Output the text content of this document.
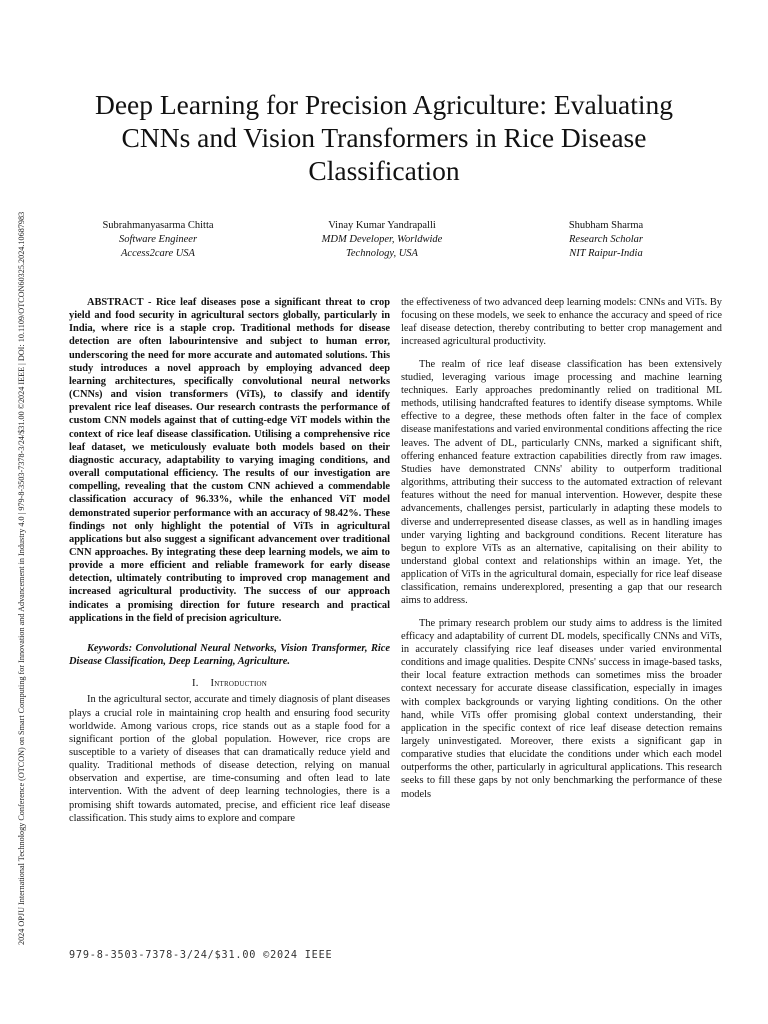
2024 OPJU International Technology Conference (OTCON) on Smart Computing for Innovation and Advancement in Industry 4.0 | 979-8-3503-7378-3/24/$31.00 ©2024 IEEE | DOI: 10.1109/OTCON60325.2024.10687983
Deep Learning for Precision Agriculture: Evaluating CNNs and Vision Transformers in Rice Disease Classification
Subrahmanyasarma Chitta
Software Engineer
Access2care USA
Vinay Kumar Yandrapalli
MDM Developer, Worldwide
Technology, USA
Shubham Sharma
Research Scholar
NIT Raipur-India

ABSTRACT - Rice leaf diseases pose a significant threat to crop yield and food security in agricultural sectors globally, particularly in India, where rice is a staple crop. Traditional methods for disease detection are often labourintensive and subject to human error, underscoring the need for more accurate and automated solutions. This study introduces a novel approach by employing advanced deep learning architectures, specifically convolutional neural networks (CNNs) and vision transformers (ViTs), to classify and identify prevalent rice leaf diseases. Our research contrasts the performance of custom CNN models against that of cutting-edge ViT models within the context of rice leaf disease classification. Utilising a comprehensive rice leaf dataset, we meticulously evaluate both models based on their diagnostic accuracy, adaptability to varying imaging conditions, and overall computational efficiency. The results of our investigation are compelling, revealing that the custom CNN achieved a commendable classification accuracy of 96.33%, while the enhanced ViT model demonstrated superior performance with an accuracy of 98.42%. These findings not only highlight the potential of ViTs in agricultural applications but also suggest a significant advancement over traditional CNN approaches. By integrating these deep learning models, we aim to provide a more efficient and reliable framework for early disease detection, ultimately contributing to improved crop management and increased agricultural productivity. The success of our approach indicates a promising direction for future research and practical applications in the field of precision agriculture.

Keywords: Convolutional Neural Networks, Vision Transformer, Rice Disease Classification, Deep Learning, Agriculture.

I. Introduction

In the agricultural sector, accurate and timely diagnosis of plant diseases plays a crucial role in maintaining crop health and ensuring food security worldwide. Among various crops, rice stands out as a staple food for a significant portion of the global population. However, rice crops are susceptible to a variety of diseases that can dramatically reduce yield and quality. Traditional methods of disease detection, relying on manual observation and expertise, are time-consuming and often lead to late intervention. With the advent of deep learning technologies, there is a promising shift towards automated, precise, and efficient rice leaf disease classification. This study aims to explore and compare

the effectiveness of two advanced deep learning models: CNNs and ViTs. By focusing on these models, we seek to enhance the accuracy and speed of rice leaf disease detection, thereby contributing to better crop management and increased agricultural productivity.

The realm of rice leaf disease classification has been extensively studied, leveraging various image processing and machine learning techniques. Early approaches predominantly relied on traditional ML methods, utilising handcrafted features to identify disease symptoms. While effective to a degree, these methods often falter in the face of complex disease manifestations and varied environmental conditions affecting the rice leaves. The advent of DL, particularly CNNs, marked a significant shift, offering enhanced feature extraction capabilities directly from raw images. Studies have demonstrated CNNs' ability to outperform traditional algorithms, attributing their success to the automated extraction of relevant features without the need for manual intervention. However, despite these advancements, challenges persist, particularly in adapting these models to diverse and underrepresented disease classes, as well as in handling images under varying lighting and background conditions. Recent literature has begun to explore ViTs as an alternative, capitalising on their ability to understand global context and relationships within an image. Yet, the application of ViTs in the agricultural domain, especially for rice leaf disease classification, remains underexplored, presenting a gap that our research aims to address.

The primary research problem our study aims to address is the limited efficacy and adaptability of current DL models, specifically CNNs and ViTs, in accurately classifying rice leaf diseases under varied environmental conditions and image qualities. Despite CNNs' success in image-based tasks, their local feature extraction methods can sometimes miss the broader context necessary for accurate disease classification, especially in images with complex backgrounds or varying lighting conditions. On the other hand, while ViTs offer promising global context understanding, their application in the specific context of rice leaf disease detection remains largely uninvestigated. Moreover, there exists a significant gap in comparative studies that elucidate the conditions under which each model outperforms the other, particularly in agricultural applications. This research seeks to fill these gaps by not only benchmarking the performance of these models

979-8-3503-7378-3/24/$31.00 ©2024 IEEE
